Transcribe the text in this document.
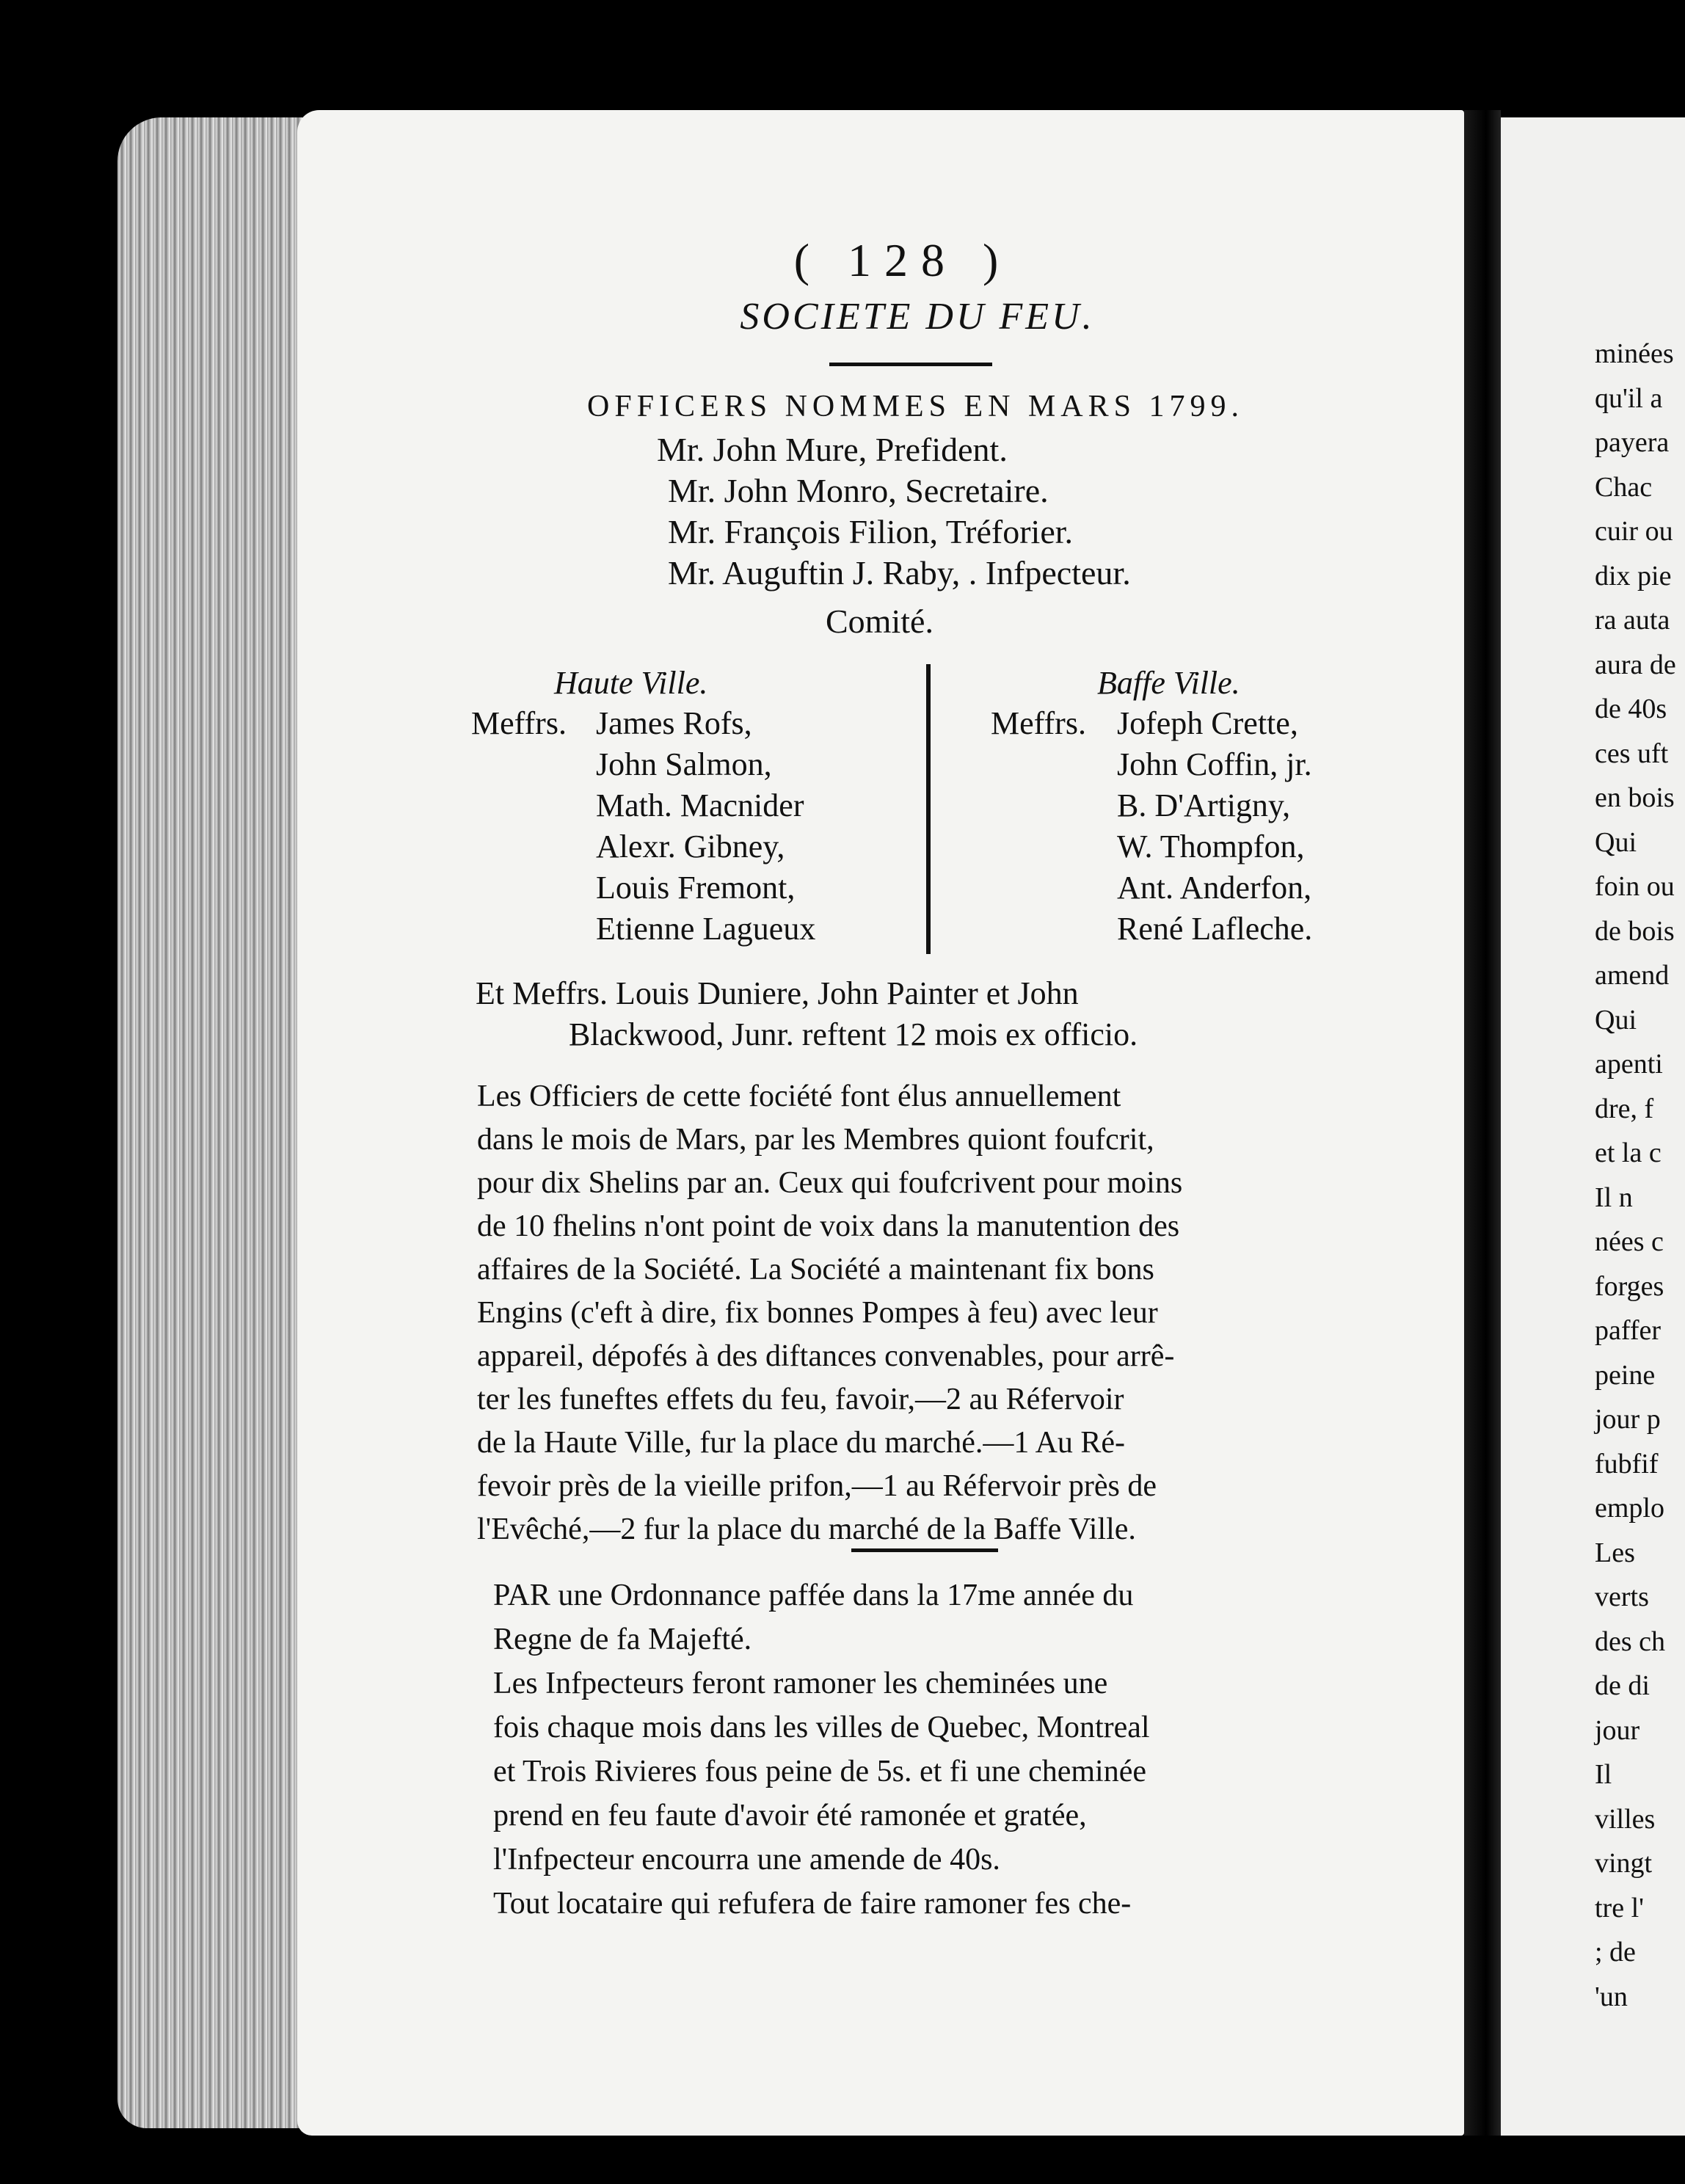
minées
qu'il a
payera
Chac
cuir ou
dix pie
ra auta
aura de
de 40s
ces uft
en bois
Qui
foin ou
de bois
amend
Qui
apenti
dre, f
et la c
Il n
nées c
forges
paffer
peine
jour p
fubfif
emplo
Les
verts
des ch
de di
jour
Il
villes
vingt
tre l'
; de
'un
( 128 )
SOCIETE DU FEU.
OFFICERS NOMMES EN MARS 1799.
Mr. John Mure, Prefident.
Mr. John Monro, Secretaire.
Mr. François Filion, Tréforier.
Mr. Auguftin J. Raby, . Infpecteur.
Comité.
Haute Ville.
Meffrs. James Rofs,
John Salmon,
Math. Macnider
Alexr. Gibney,
Louis Fremont,
Etienne Lagueux
Baffe Ville.
Meffrs. Jofeph Crette,
John Coffin, jr.
B. D'Artigny,
W. Thompfon,
Ant. Anderfon,
René Lafleche.
Et Meffrs. Louis Duniere, John Painter et John
Blackwood, Junr. reftent 12 mois ex officio.
Les Officiers de cette fociété font élus annuellement
dans le mois de Mars, par les Membres quiont foufcrit,
pour dix Shelins par an. Ceux qui foufcrivent pour moins
de 10 fhelins n'ont point de voix dans la manutention des
affaires de la Société. La Société a maintenant fix bons
Engins (c'eft à dire, fix bonnes Pompes à feu) avec leur
appareil, dépofés à des diftances convenables, pour arrê-
ter les funeftes effets du feu, favoir,—2 au Réfervoir
de la Haute Ville, fur la place du marché.—1 Au Ré-
fevoir près de la vieille prifon,—1 au Réfervoir près de
l'Evêché,—2 fur la place du marché de la Baffe Ville.
PAR une Ordonnance paffée dans la 17me année du
Regne de fa Majefté.
Les Infpecteurs feront ramoner les cheminées une
fois chaque mois dans les villes de Quebec, Montreal
et Trois Rivieres fous peine de 5s. et fi une cheminée
prend en feu faute d'avoir été ramonée et gratée,
l'Infpecteur encourra une amende de 40s.
Tout locataire qui refufera de faire ramoner fes che-
